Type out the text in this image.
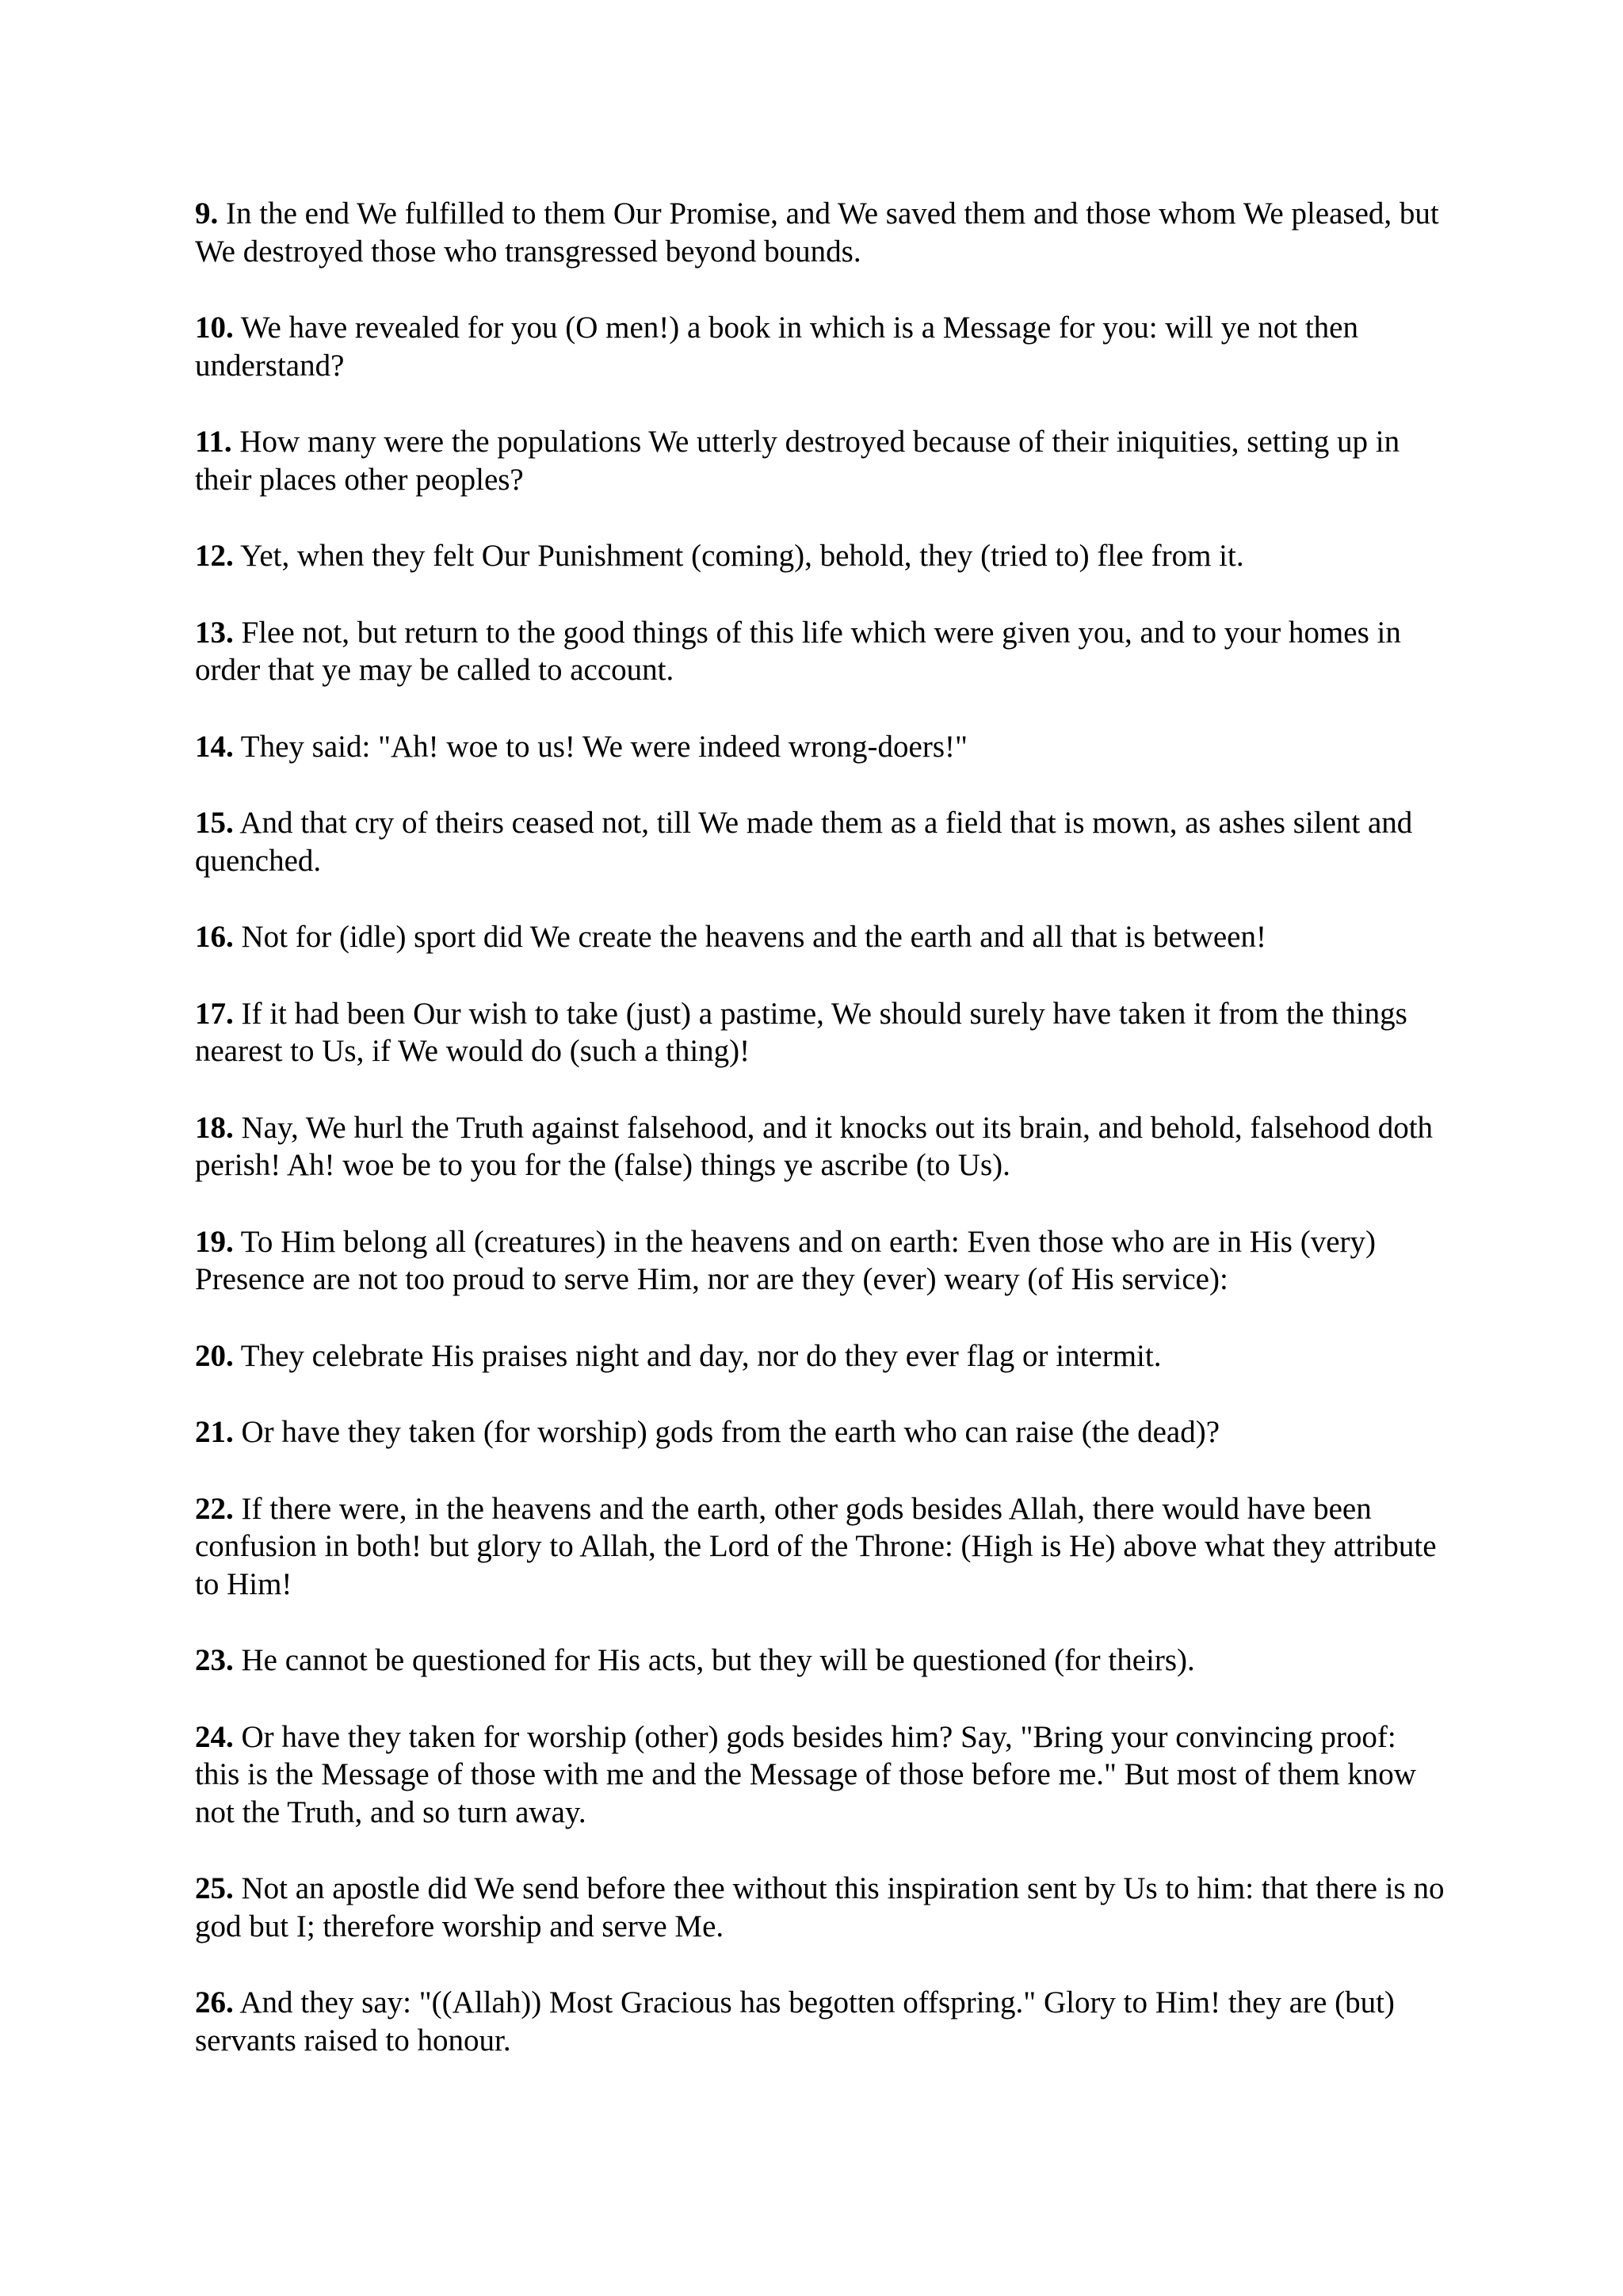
9. In the end We fulfilled to them Our Promise, and We saved them and those whom We pleased, but We destroyed those who transgressed beyond bounds.

10. We have revealed for you (O men!) a book in which is a Message for you: will ye not then understand?

11. How many were the populations We utterly destroyed because of their iniquities, setting up in their places other peoples?

12. Yet, when they felt Our Punishment (coming), behold, they (tried to) flee from it.

13. Flee not, but return to the good things of this life which were given you, and to your homes in order that ye may be called to account.

14. They said: "Ah! woe to us! We were indeed wrong-doers!"

15. And that cry of theirs ceased not, till We made them as a field that is mown, as ashes silent and quenched.

16. Not for (idle) sport did We create the heavens and the earth and all that is between!

17. If it had been Our wish to take (just) a pastime, We should surely have taken it from the things nearest to Us, if We would do (such a thing)!

18. Nay, We hurl the Truth against falsehood, and it knocks out its brain, and behold, falsehood doth perish! Ah! woe be to you for the (false) things ye ascribe (to Us).

19. To Him belong all (creatures) in the heavens and on earth: Even those who are in His (very) Presence are not too proud to serve Him, nor are they (ever) weary (of His service):

20. They celebrate His praises night and day, nor do they ever flag or intermit.

21. Or have they taken (for worship) gods from the earth who can raise (the dead)?

22. If there were, in the heavens and the earth, other gods besides Allah, there would have been confusion in both! but glory to Allah, the Lord of the Throne: (High is He) above what they attribute to Him!

23. He cannot be questioned for His acts, but they will be questioned (for theirs).

24. Or have they taken for worship (other) gods besides him? Say, "Bring your convincing proof: this is the Message of those with me and the Message of those before me." But most of them know not the Truth, and so turn away.

25. Not an apostle did We send before thee without this inspiration sent by Us to him: that there is no god but I; therefore worship and serve Me.

26. And they say: "((Allah)) Most Gracious has begotten offspring." Glory to Him! they are (but) servants raised to honour.
